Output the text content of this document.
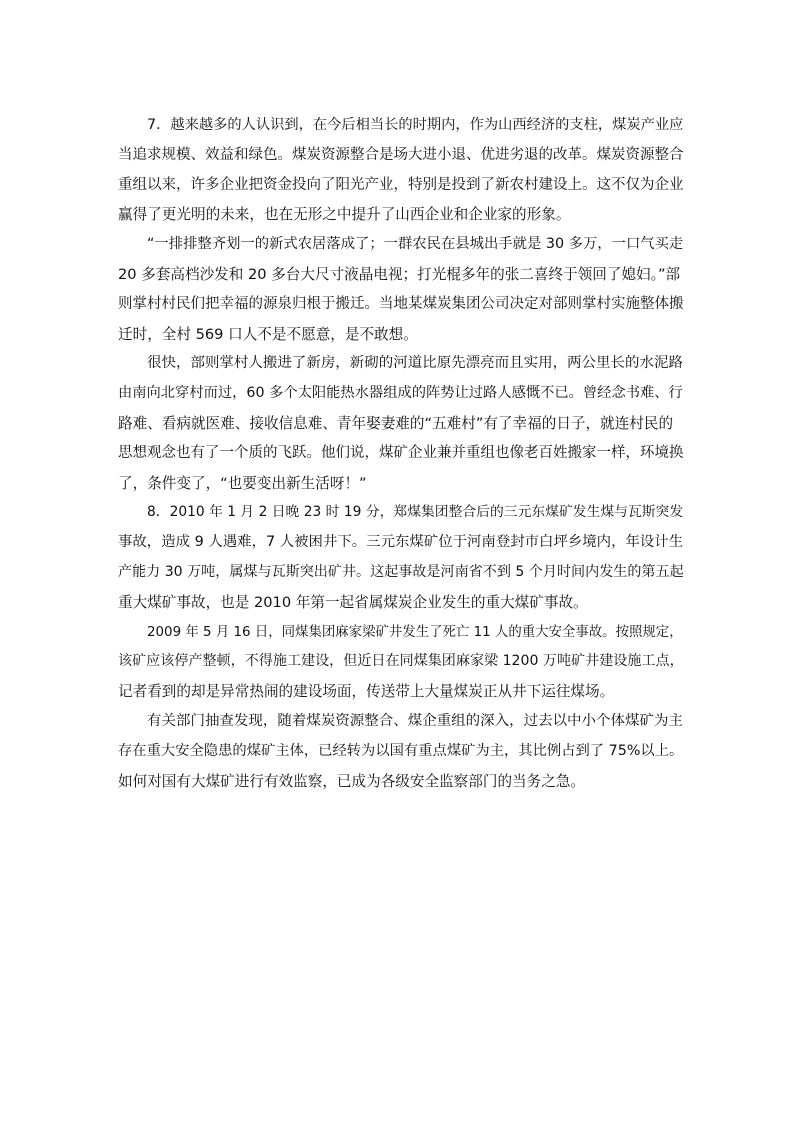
7．越来越多的人认识到，在今后相当长的时期内，作为山西经济的支柱，煤炭产业应
当追求规模、效益和绿色。煤炭资源整合是场大进小退、优进劣退的改革。煤炭资源整合
重组以来，许多企业把资金投向了阳光产业，特别是投到了新农村建设上。这不仅为企业
赢得了更光明的未来，也在无形之中提升了山西企业和企业家的形象。

“一排排整齐划一的新式农居落成了；一群农民在县城出手就是 30 多万，一口气买走
20 多套高档沙发和 20 多台大尺寸液晶电视；打光棍多年的张二喜终于领回了媳妇。”部
则掌村村民们把幸福的源泉归根于搬迁。当地某煤炭集团公司决定对部则掌村实施整体搬
迁时，全村 569 口人不是不愿意，是不敢想。

很快，部则掌村人搬进了新房，新砌的河道比原先漂亮而且实用，两公里长的水泥路
由南向北穿村而过，60 多个太阳能热水器组成的阵势让过路人感慨不已。曾经念书难、行
路难、看病就医难、接收信息难、青年娶妻难的“五难村”有了幸福的日子，就连村民的
思想观念也有了一个质的飞跃。他们说，煤矿企业兼并重组也像老百姓搬家一样，环境换
了，条件变了，“也要变出新生活呀！”

8．2010 年 1 月 2 日晚 23 时 19 分，郑煤集团整合后的三元东煤矿发生煤与瓦斯突发
事故，造成 9 人遇难，7 人被困井下。三元东煤矿位于河南登封市白坪乡境内，年设计生
产能力 30 万吨，属煤与瓦斯突出矿井。这起事故是河南省不到 5 个月时间内发生的第五起
重大煤矿事故，也是 2010 年第一起省属煤炭企业发生的重大煤矿事故。

2009 年 5 月 16 日，同煤集团麻家梁矿井发生了死亡 11 人的重大安全事故。按照规定，
该矿应该停产整顿，不得施工建设，但近日在同煤集团麻家梁 1200 万吨矿井建设施工点，
记者看到的却是异常热闹的建设场面，传送带上大量煤炭正从井下运往煤场。

有关部门抽查发现，随着煤炭资源整合、煤企重组的深入，过去以中小个体煤矿为主
存在重大安全隐患的煤矿主体，已经转为以国有重点煤矿为主，其比例占到了 75%以上。
如何对国有大煤矿进行有效监察，已成为各级安全监察部门的当务之急。
